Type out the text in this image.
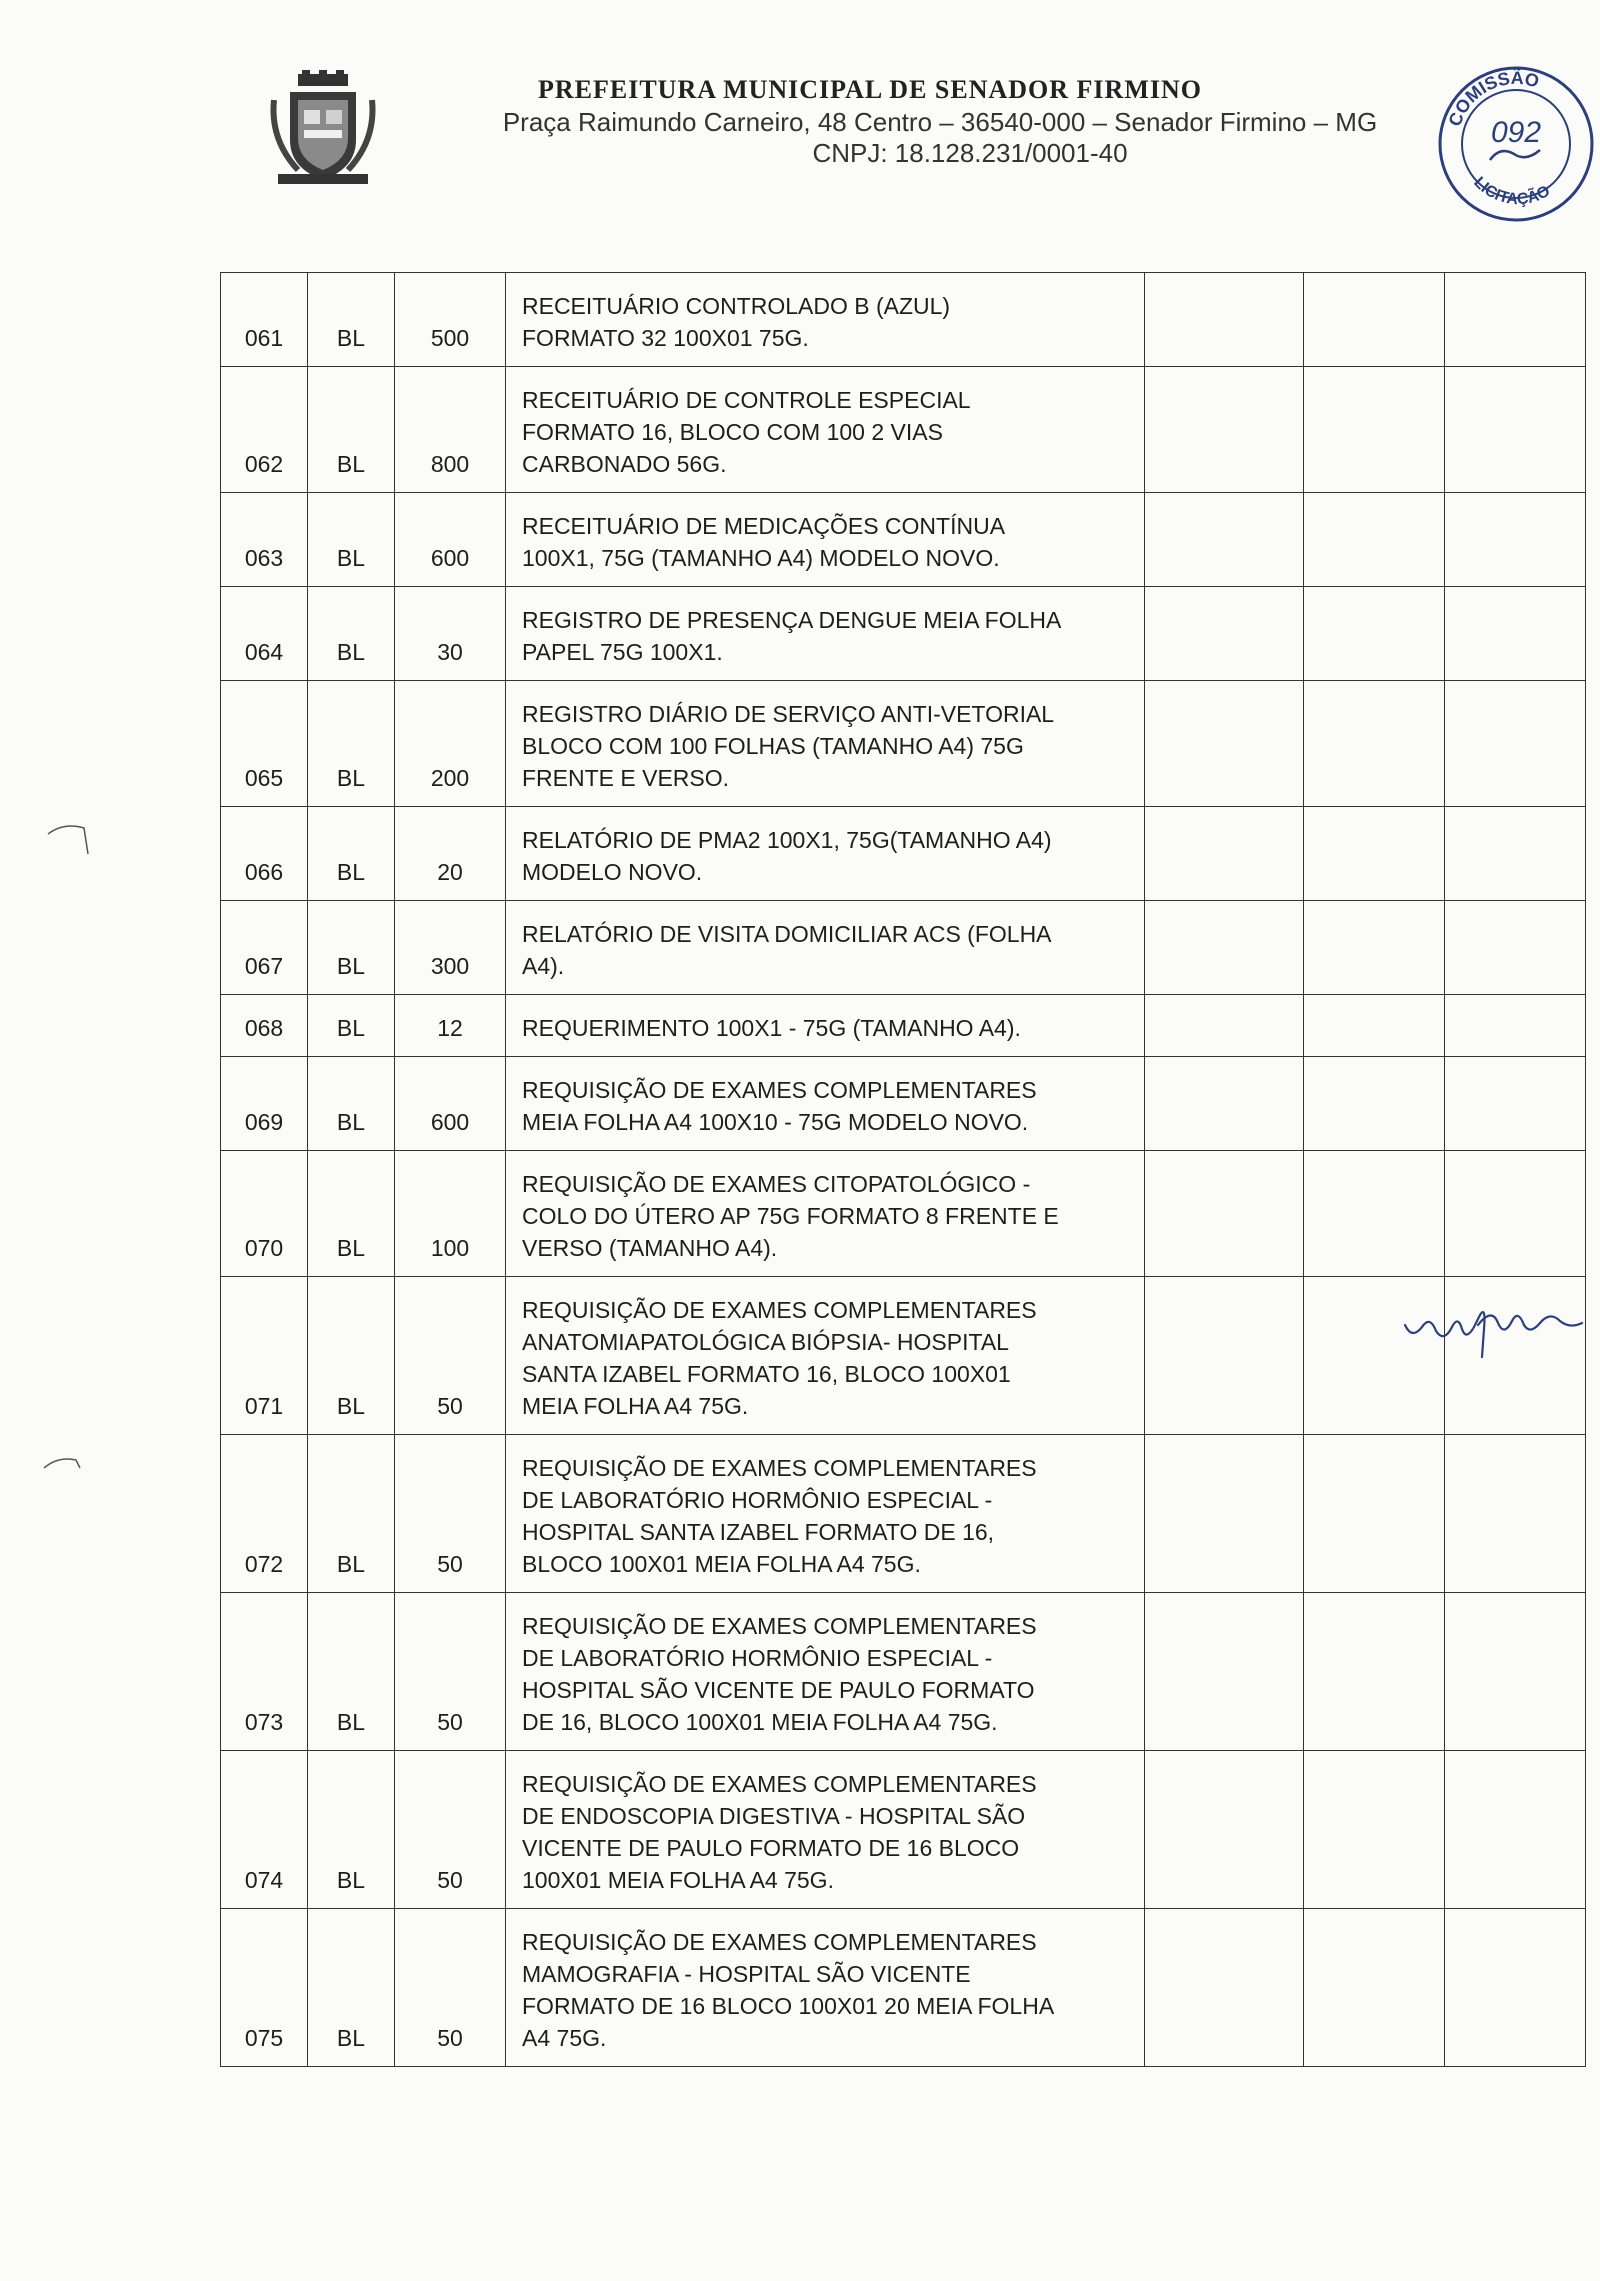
PREFEITURA MUNICIPAL DE SENADOR FIRMINO
Praça Raimundo Carneiro, 48 Centro – 36540-000 – Senador Firmino – MG
CNPJ: 18.128.231/0001-40
COMISSÃO
LICITAÇÃO
092
061	BL	500	RECEITUÁRIO CONTROLADO B (AZUL)
FORMATO 32 100X01 75G.			

062	BL	800	RECEITUÁRIO DE CONTROLE ESPECIAL
FORMATO 16, BLOCO COM 100 2 VIAS
CARBONADO 56G.			

063	BL	600	RECEITUÁRIO DE MEDICAÇÕES CONTÍNUA
100X1, 75G (TAMANHO A4) MODELO NOVO.			

064	BL	30	REGISTRO DE PRESENÇA DENGUE MEIA FOLHA
PAPEL 75G 100X1.			

065	BL	200	REGISTRO DIÁRIO DE SERVIÇO ANTI-VETORIAL
BLOCO COM 100 FOLHAS (TAMANHO A4) 75G
FRENTE E VERSO.			

066	BL	20	RELATÓRIO DE PMA2 100X1, 75G(TAMANHO A4)
MODELO NOVO.			

067	BL	300	RELATÓRIO DE VISITA DOMICILIAR ACS (FOLHA
A4).			

068	BL	12	REQUERIMENTO 100X1 - 75G (TAMANHO A4).			

069	BL	600	REQUISIÇÃO DE EXAMES COMPLEMENTARES
MEIA FOLHA A4 100X10 - 75G MODELO NOVO.			

070	BL	100	REQUISIÇÃO DE EXAMES CITOPATOLÓGICO -
COLO DO ÚTERO AP 75G FORMATO 8 FRENTE E
VERSO (TAMANHO A4).			

071	BL	50	REQUISIÇÃO DE EXAMES COMPLEMENTARES
ANATOMIAPATOLÓGICA BIÓPSIA- HOSPITAL
SANTA IZABEL FORMATO 16, BLOCO 100X01
MEIA FOLHA A4 75G.			

072	BL	50	REQUISIÇÃO DE EXAMES COMPLEMENTARES
DE LABORATÓRIO HORMÔNIO ESPECIAL -
HOSPITAL SANTA IZABEL FORMATO DE 16,
BLOCO 100X01 MEIA FOLHA A4 75G.			

073	BL	50	REQUISIÇÃO DE EXAMES COMPLEMENTARES
DE LABORATÓRIO HORMÔNIO ESPECIAL -
HOSPITAL SÃO VICENTE DE PAULO FORMATO
DE 16, BLOCO 100X01 MEIA FOLHA A4 75G.			

074	BL	50	REQUISIÇÃO DE EXAMES COMPLEMENTARES
DE ENDOSCOPIA DIGESTIVA - HOSPITAL SÃO
VICENTE DE PAULO FORMATO DE 16 BLOCO
100X01 MEIA FOLHA A4 75G.			

075	BL	50	REQUISIÇÃO DE EXAMES COMPLEMENTARES
MAMOGRAFIA - HOSPITAL SÃO VICENTE
FORMATO DE 16 BLOCO 100X01 20 MEIA FOLHA
A4 75G.			
